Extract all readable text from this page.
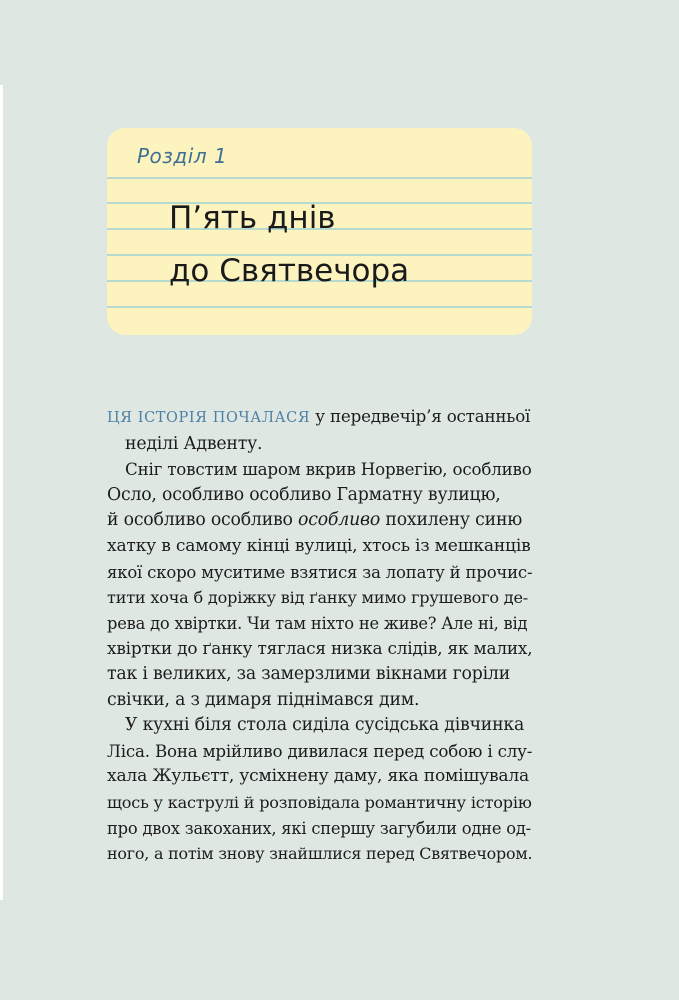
Розділ 1
П’ять днів
до Святвечора

ЦЯ ІСТОРІЯ ПОЧАЛАСЯ у передвечір’я останньої
неділі Адвенту.

Сніг товстим шаром вкрив Норвегію, особливо
Осло, особливо особливо Гарматну вулицю,
й особливо особливо особливо похилену синю
хатку в самому кінці вулиці, хтось із мешканців
якої скоро муситиме взятися за лопату й прочис-
тити хоча б доріжку від ґанку мимо грушевого де-
рева до хвіртки. Чи там ніхто не живе? Але ні, від
хвіртки до ґанку тяглася низка слідів, як малих,
так і великих, за замерзлими вікнами горіли
свічки, а з димаря піднімався дим.

У кухні біля стола сиділа сусідська дівчинка
Ліса. Вона мрійливо дивилася перед собою і слу-
хала Жульєтт, усміхнену даму, яка помішувала
щось у каструлі й розповідала романтичну історію
про двох закоханих, які спершу загубили одне од-
ного, а потім знову знайшлися перед Святвечором.
